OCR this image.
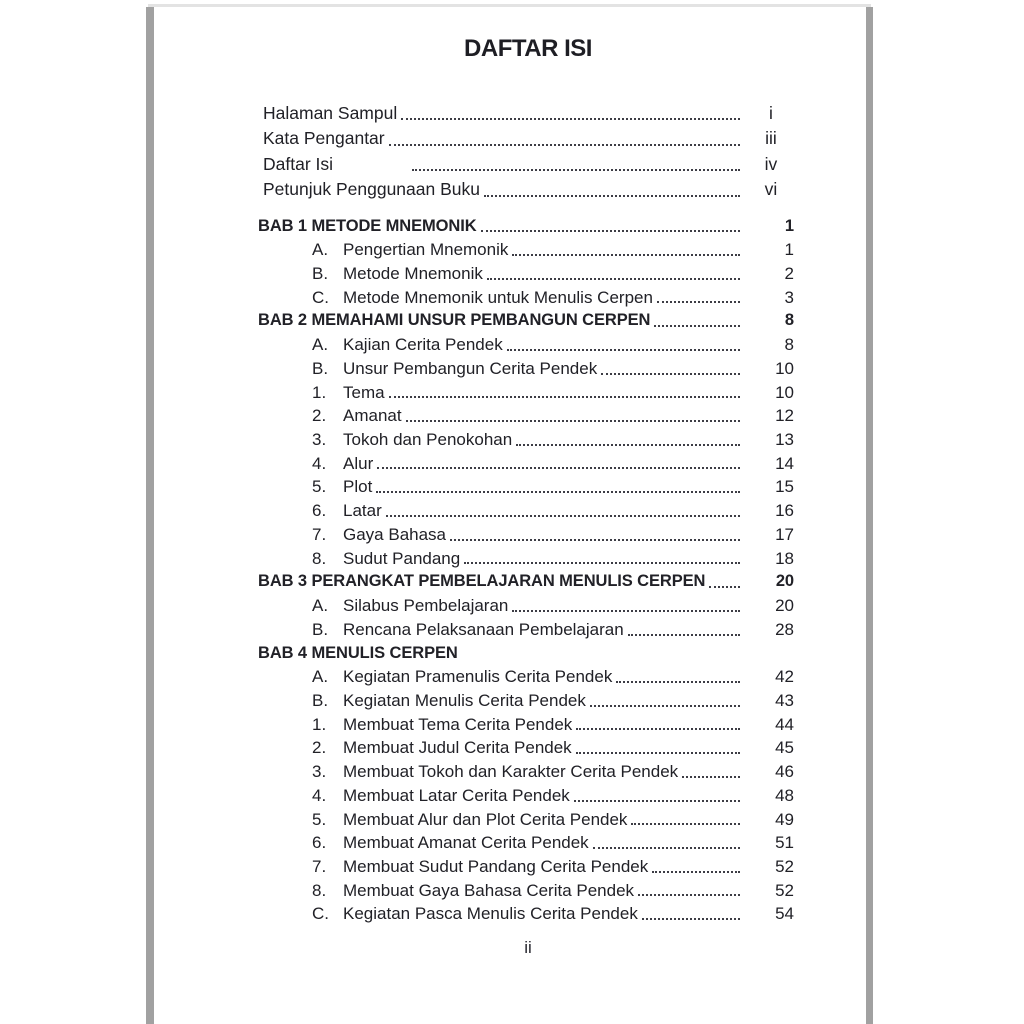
DAFTAR ISI
Halaman Sampul	i
Kata Pengantar	iii
Daftar Isi	iv
Petunjuk Penggunaan Buku	vi
BAB 1 METODE MNEMONIK	1
A. Pengertian Mnemonik	1
B. Metode Mnemonik	2
C. Metode Mnemonik untuk Menulis Cerpen	3
BAB 2 MEMAHAMI UNSUR PEMBANGUN CERPEN	8
A. Kajian Cerita Pendek	8
B. Unsur Pembangun Cerita Pendek	10
1. Tema	10
2. Amanat	12
3. Tokoh dan Penokohan	13
4. Alur	14
5. Plot	15
6. Latar	16
7. Gaya Bahasa	17
8. Sudut Pandang	18
BAB 3 PERANGKAT PEMBELAJARAN MENULIS CERPEN	20
A. Silabus Pembelajaran	20
B. Rencana Pelaksanaan Pembelajaran	28
BAB 4 MENULIS CERPEN
A. Kegiatan Pramenulis Cerita Pendek	42
B. Kegiatan Menulis Cerita Pendek	43
1. Membuat Tema Cerita Pendek	44
2. Membuat Judul Cerita Pendek	45
3. Membuat Tokoh dan Karakter Cerita Pendek	46
4. Membuat Latar Cerita Pendek	48
5. Membuat Alur dan Plot Cerita Pendek	49
6. Membuat Amanat Cerita Pendek	51
7. Membuat Sudut Pandang Cerita Pendek	52
8. Membuat Gaya Bahasa Cerita Pendek	52
C. Kegiatan Pasca Menulis Cerita Pendek	54
ii
